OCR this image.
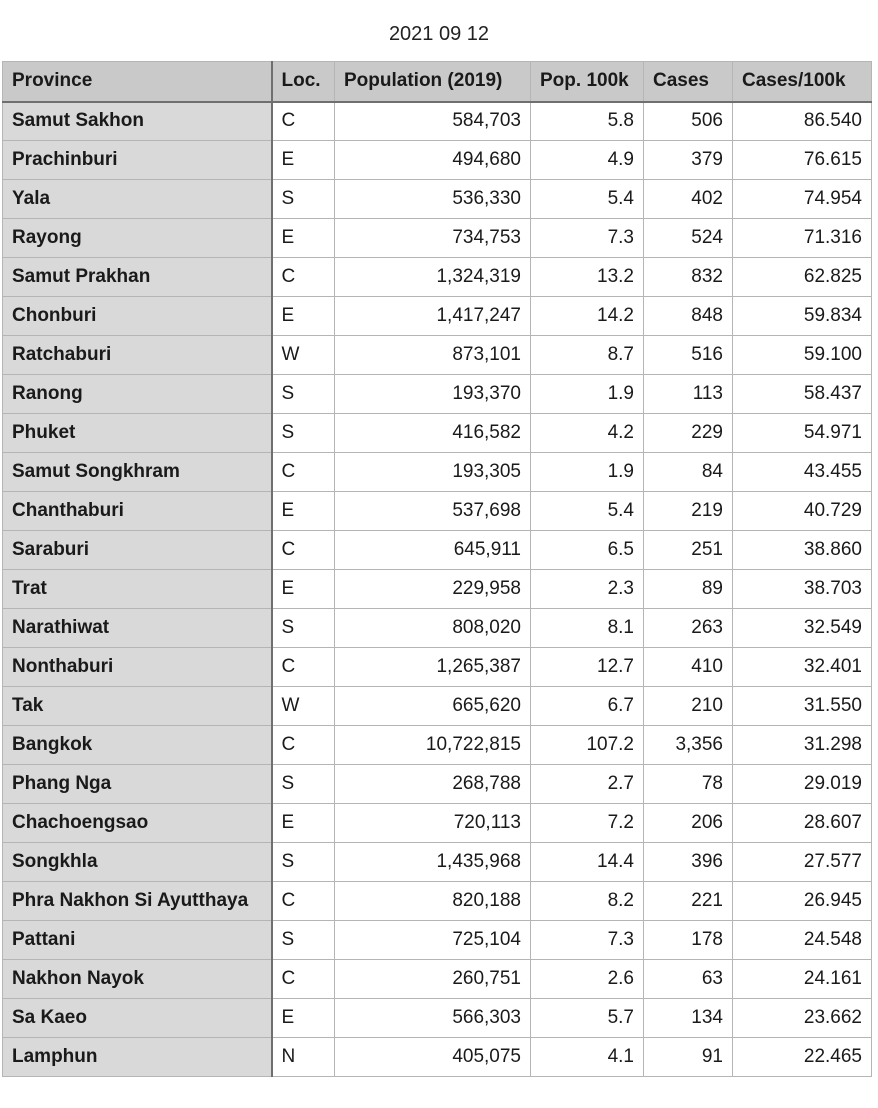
2021 09 12
Province	Loc.	Population (2019)	Pop. 100k	Cases	Cases/100k
Samut Sakhon	C	584,703	5.8	506	86.540
Prachinburi	E	494,680	4.9	379	76.615
Yala	S	536,330	5.4	402	74.954
Rayong	E	734,753	7.3	524	71.316
Samut Prakhan	C	1,324,319	13.2	832	62.825
Chonburi	E	1,417,247	14.2	848	59.834
Ratchaburi	W	873,101	8.7	516	59.100
Ranong	S	193,370	1.9	113	58.437
Phuket	S	416,582	4.2	229	54.971
Samut Songkhram	C	193,305	1.9	84	43.455
Chanthaburi	E	537,698	5.4	219	40.729
Saraburi	C	645,911	6.5	251	38.860
Trat	E	229,958	2.3	89	38.703
Narathiwat	S	808,020	8.1	263	32.549
Nonthaburi	C	1,265,387	12.7	410	32.401
Tak	W	665,620	6.7	210	31.550
Bangkok	C	10,722,815	107.2	3,356	31.298
Phang Nga	S	268,788	2.7	78	29.019
Chachoengsao	E	720,113	7.2	206	28.607
Songkhla	S	1,435,968	14.4	396	27.577
Phra Nakhon Si Ayutthaya	C	820,188	8.2	221	26.945
Pattani	S	725,104	7.3	178	24.548
Nakhon Nayok	C	260,751	2.6	63	24.161
Sa Kaeo	E	566,303	5.7	134	23.662
Lamphun	N	405,075	4.1	91	22.465
